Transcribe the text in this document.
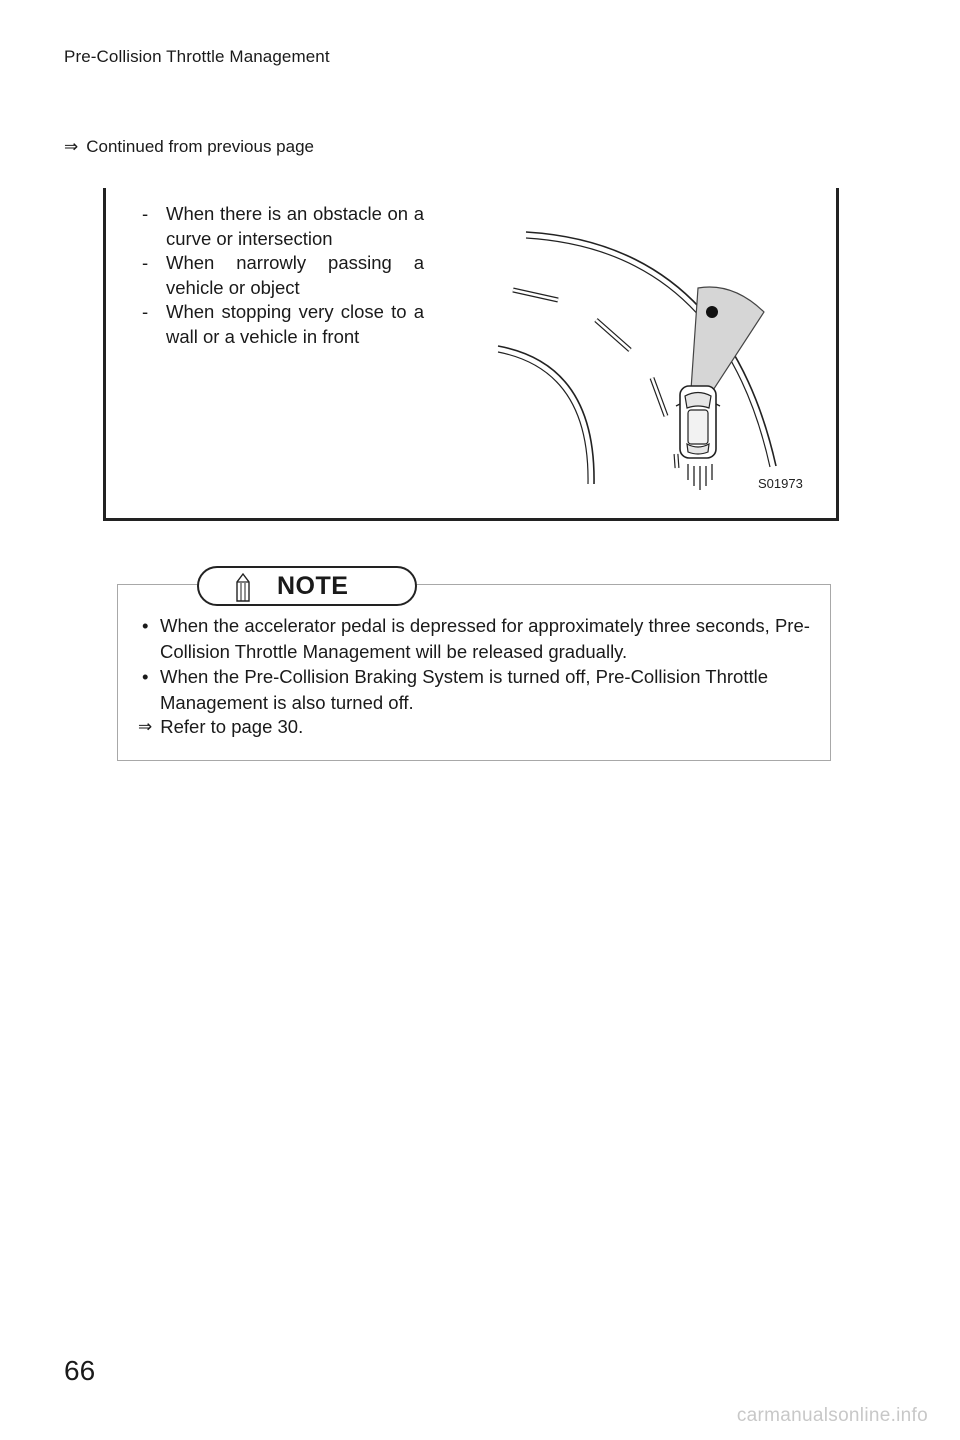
Pre-Collision Throttle Management
⇒ Continued from previous page
- When there is an obstacle on a curve or intersection
- When narrowly passing a vehicle or object
- When stopping very close to a wall or a vehicle in front
S01973
• When the accelerator pedal is depressed for approximately three seconds, Pre-Collision Throttle Management will be released gradually.
• When the Pre-Collision Braking System is turned off, Pre-Collision Throttle Management is also turned off.
⇒ Refer to page 30.
NOTE
66
carmanualsonline.info
